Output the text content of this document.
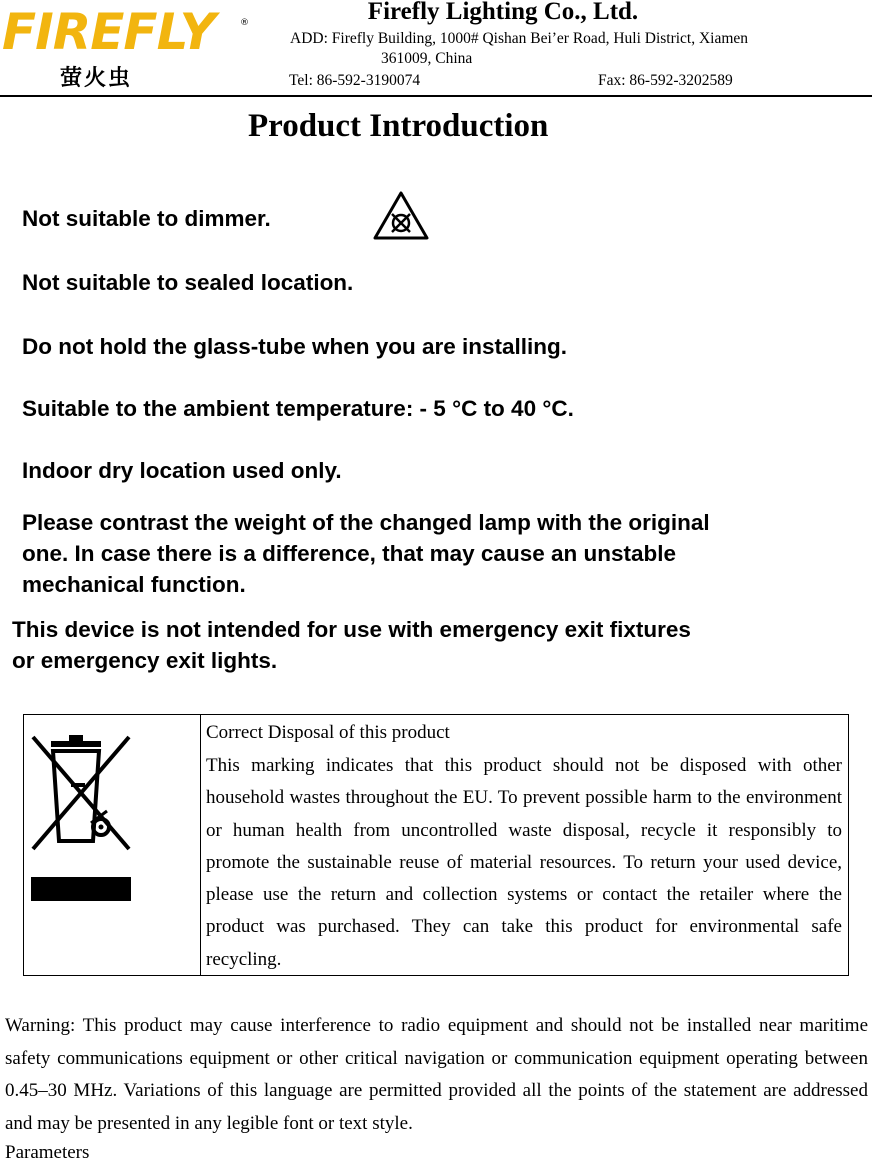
FIREFLY	®
萤火虫
Firefly Lighting Co., Ltd.
ADD: Firefly Building, 1000# Qishan Bei’er Road, Huli District, Xiamen
361009, China
Tel: 86-592-3190074	Fax: 86-592-3202589
Product Introduction
Not suitable to dimmer.
Not suitable to sealed location.
Do not hold the glass-tube when you are installing.
Suitable to the ambient temperature: - 5 °C to 40 °C.
Indoor dry location used only.
Please contrast the weight of the changed lamp with the original
one. In case there is a difference, that may cause an unstable
mechanical function.
This device is not intended for use with emergency exit fixtures
or emergency exit lights.
Correct Disposal of this product
This marking indicates that this product should not be disposed with other household wastes throughout the EU. To prevent possible harm to the environment or human health from uncontrolled waste disposal, recycle it responsibly to promote the sustainable reuse of material resources. To return your used device, please use the return and collection systems or contact the retailer where the product was purchased. They can take this product for environmental safe recycling.
Warning: This product may cause interference to radio equipment and should not be installed near maritime safety communications equipment or other critical navigation or communication equipment operating between 0.45–30 MHz. Variations of this language are permitted provided all the points of the statement are addressed and may be presented in any legible font or text style.
Parameters
